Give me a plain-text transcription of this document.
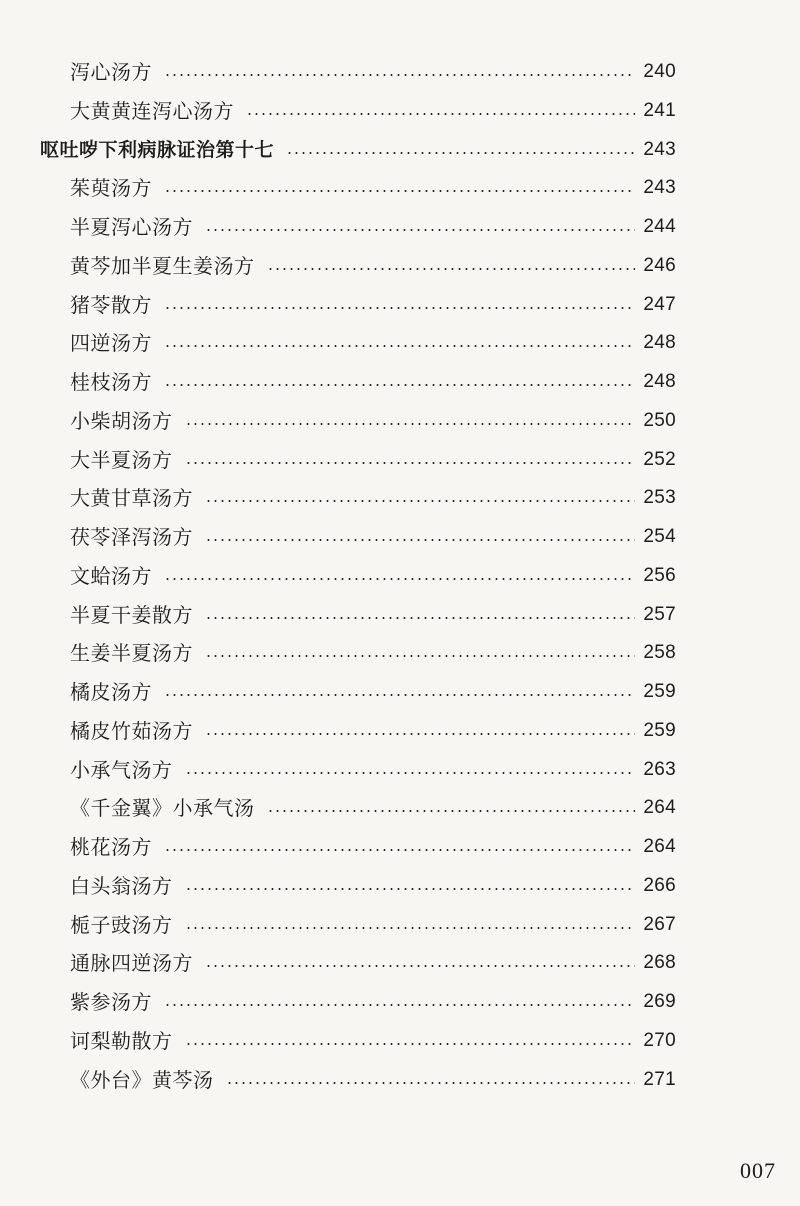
泻心汤方	240
大黄黄连泻心汤方	241
呕吐哕下利病脉证治第十七	243
茱萸汤方	243
半夏泻心汤方	244
黄芩加半夏生姜汤方	246
猪苓散方	247
四逆汤方	248
桂枝汤方	248
小柴胡汤方	250
大半夏汤方	252
大黄甘草汤方	253
茯苓泽泻汤方	254
文蛤汤方	256
半夏干姜散方	257
生姜半夏汤方	258
橘皮汤方	259
橘皮竹茹汤方	259
小承气汤方	263
《千金翼》小承气汤	264
桃花汤方	264
白头翁汤方	266
栀子豉汤方	267
通脉四逆汤方	268
紫参汤方	269
诃梨勒散方	270
《外台》黄芩汤	271
007
